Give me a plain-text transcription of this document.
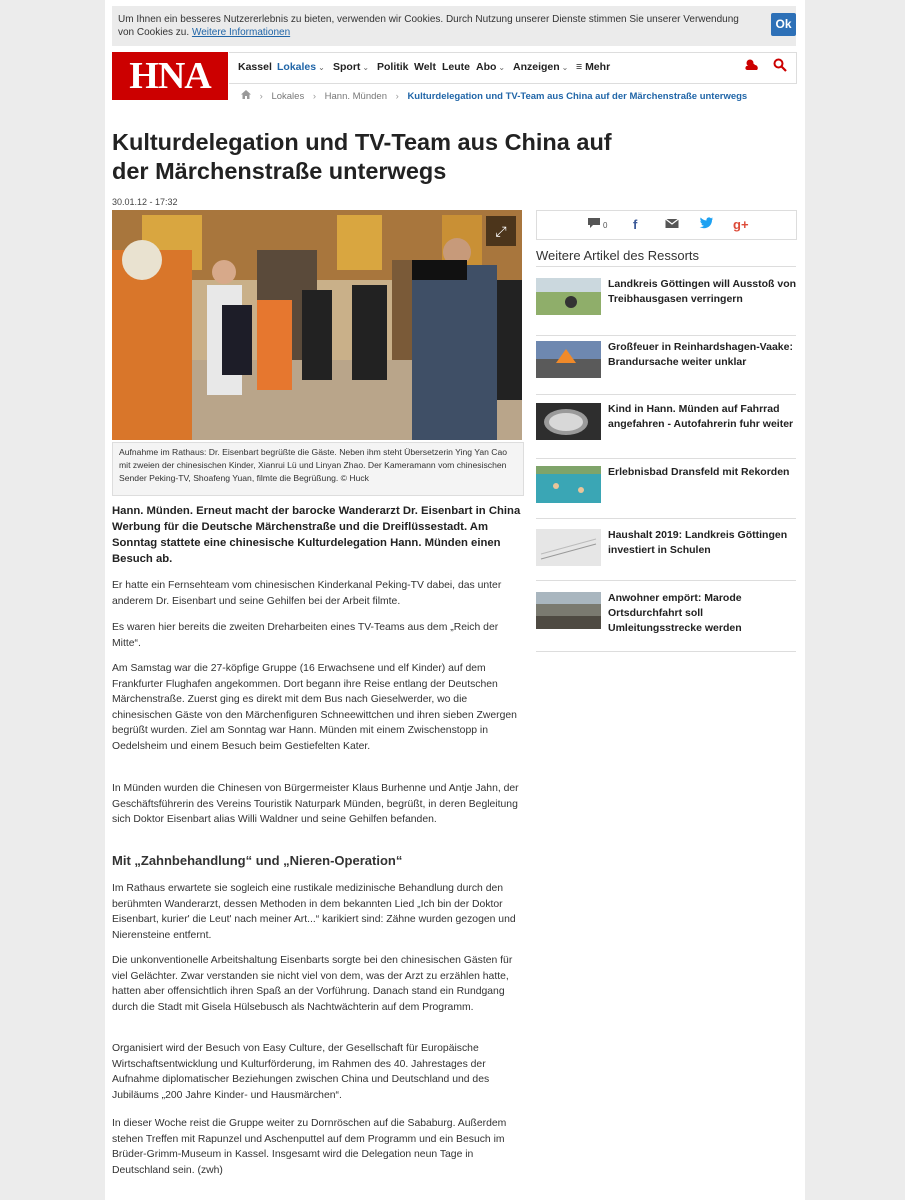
Um Ihnen ein besseres Nutzererlebnis zu bieten, verwenden wir Cookies. Durch Nutzung unserer Dienste stimmen Sie unserer Verwendung von Cookies zu. Weitere Informationen
Ok
HNA	Kassel Lokales ⌄ Sport ⌄ Politik Welt Leute Abo ⌄ Anzeigen ⌄ ≡ Mehr
› Lokales › Hann. Münden › Kulturdelegation und TV-Team aus China auf der Märchenstraße unterwegs
Kulturdelegation und TV-Team aus China auf der Märchenstraße unterwegs
30.01.12 - 17:32
⤢
Aufnahme im Rathaus: Dr. Eisenbart begrüßte die Gäste. Neben ihm steht Übersetzerin Ying Yan Cao mit zweien der chinesischen Kinder, Xianrui Lü und Linyan Zhao. Der Kameramann vom chinesischen Sender Peking-TV, Shoafeng Yuan, filmte die Begrüßung. © Huck
Hann. Münden. Erneut macht der barocke Wanderarzt Dr. Eisenbart in China Werbung für die Deutsche Märchenstraße und die Dreiflüssestadt. Am Sonntag stattete eine chinesische Kulturdelegation Hann. Münden einen Besuch ab.
Er hatte ein Fernsehteam vom chinesischen Kinderkanal Peking-TV dabei, das unter anderem Dr. Eisenbart und seine Gehilfen bei der Arbeit filmte.
Es waren hier bereits die zweiten Dreharbeiten eines TV-Teams aus dem „Reich der Mitte“.
Am Samstag war die 27-köpfige Gruppe (16 Erwachsene und elf Kinder) auf dem Frankfurter Flughafen angekommen. Dort begann ihre Reise entlang der Deutschen Märchenstraße. Zuerst ging es direkt mit dem Bus nach Gieselwerder, wo die chinesischen Gäste von den Märchenfiguren Schneewittchen und ihren sieben Zwergen begrüßt wurden. Ziel am Sonntag war Hann. Münden mit einem Zwischenstopp in Oedelsheim und einem Besuch beim Gestiefelten Kater.
In Münden wurden die Chinesen von Bürgermeister Klaus Burhenne und Antje Jahn, der Geschäftsführerin des Vereins Touristik Naturpark Münden, begrüßt, in deren Begleitung sich Doktor Eisenbart alias Willi Waldner und seine Gehilfen befanden.
Mit „Zahnbehandlung“ und „Nieren-Operation“
Im Rathaus erwartete sie sogleich eine rustikale medizinische Behandlung durch den berühmten Wanderarzt, dessen Methoden in dem bekannten Lied „Ich bin der Doktor Eisenbart, kurier' die Leut' nach meiner Art...“ karikiert sind: Zähne wurden gezogen und Nierensteine entfernt.
Die unkonventionelle Arbeitshaltung Eisenbarts sorgte bei den chinesischen Gästen für viel Gelächter. Zwar verstanden sie nicht viel von dem, was der Arzt zu erzählen hatte, hatten aber offensichtlich ihren Spaß an der Vorführung. Danach stand ein Rundgang durch die Stadt mit Gisela Hülsebusch als Nachtwächterin auf dem Programm.
Organisiert wird der Besuch von Easy Culture, der Gesellschaft für Europäische Wirtschaftsentwicklung und Kulturförderung, im Rahmen des 40. Jahrestages der Aufnahme diplomatischer Beziehungen zwischen China und Deutschland und des Jubiläums „200 Jahre Kinder- und Hausmärchen“.
In dieser Woche reist die Gruppe weiter zu Dornröschen auf die Sababurg. Außerdem stehen Treffen mit Rapunzel und Aschenputtel auf dem Programm und ein Besuch im Brüder-Grimm-Museum in Kassel. Insgesamt wird die Delegation neun Tage in Deutschland sein. (zwh)
0 f	g+
Weitere Artikel des Ressorts
Landkreis Göttingen will Ausstoß von Treibhausgasen verringern
Großfeuer in Reinhardshagen-Vaake: Brandursache weiter unklar
Kind in Hann. Münden auf Fahrrad angefahren - Autofahrerin fuhr weiter
Erlebnisbad Dransfeld mit Rekorden
Haushalt 2019: Landkreis Göttingen investiert in Schulen
Anwohner empört: Marode Ortsdurchfahrt soll Umleitungsstrecke werden
